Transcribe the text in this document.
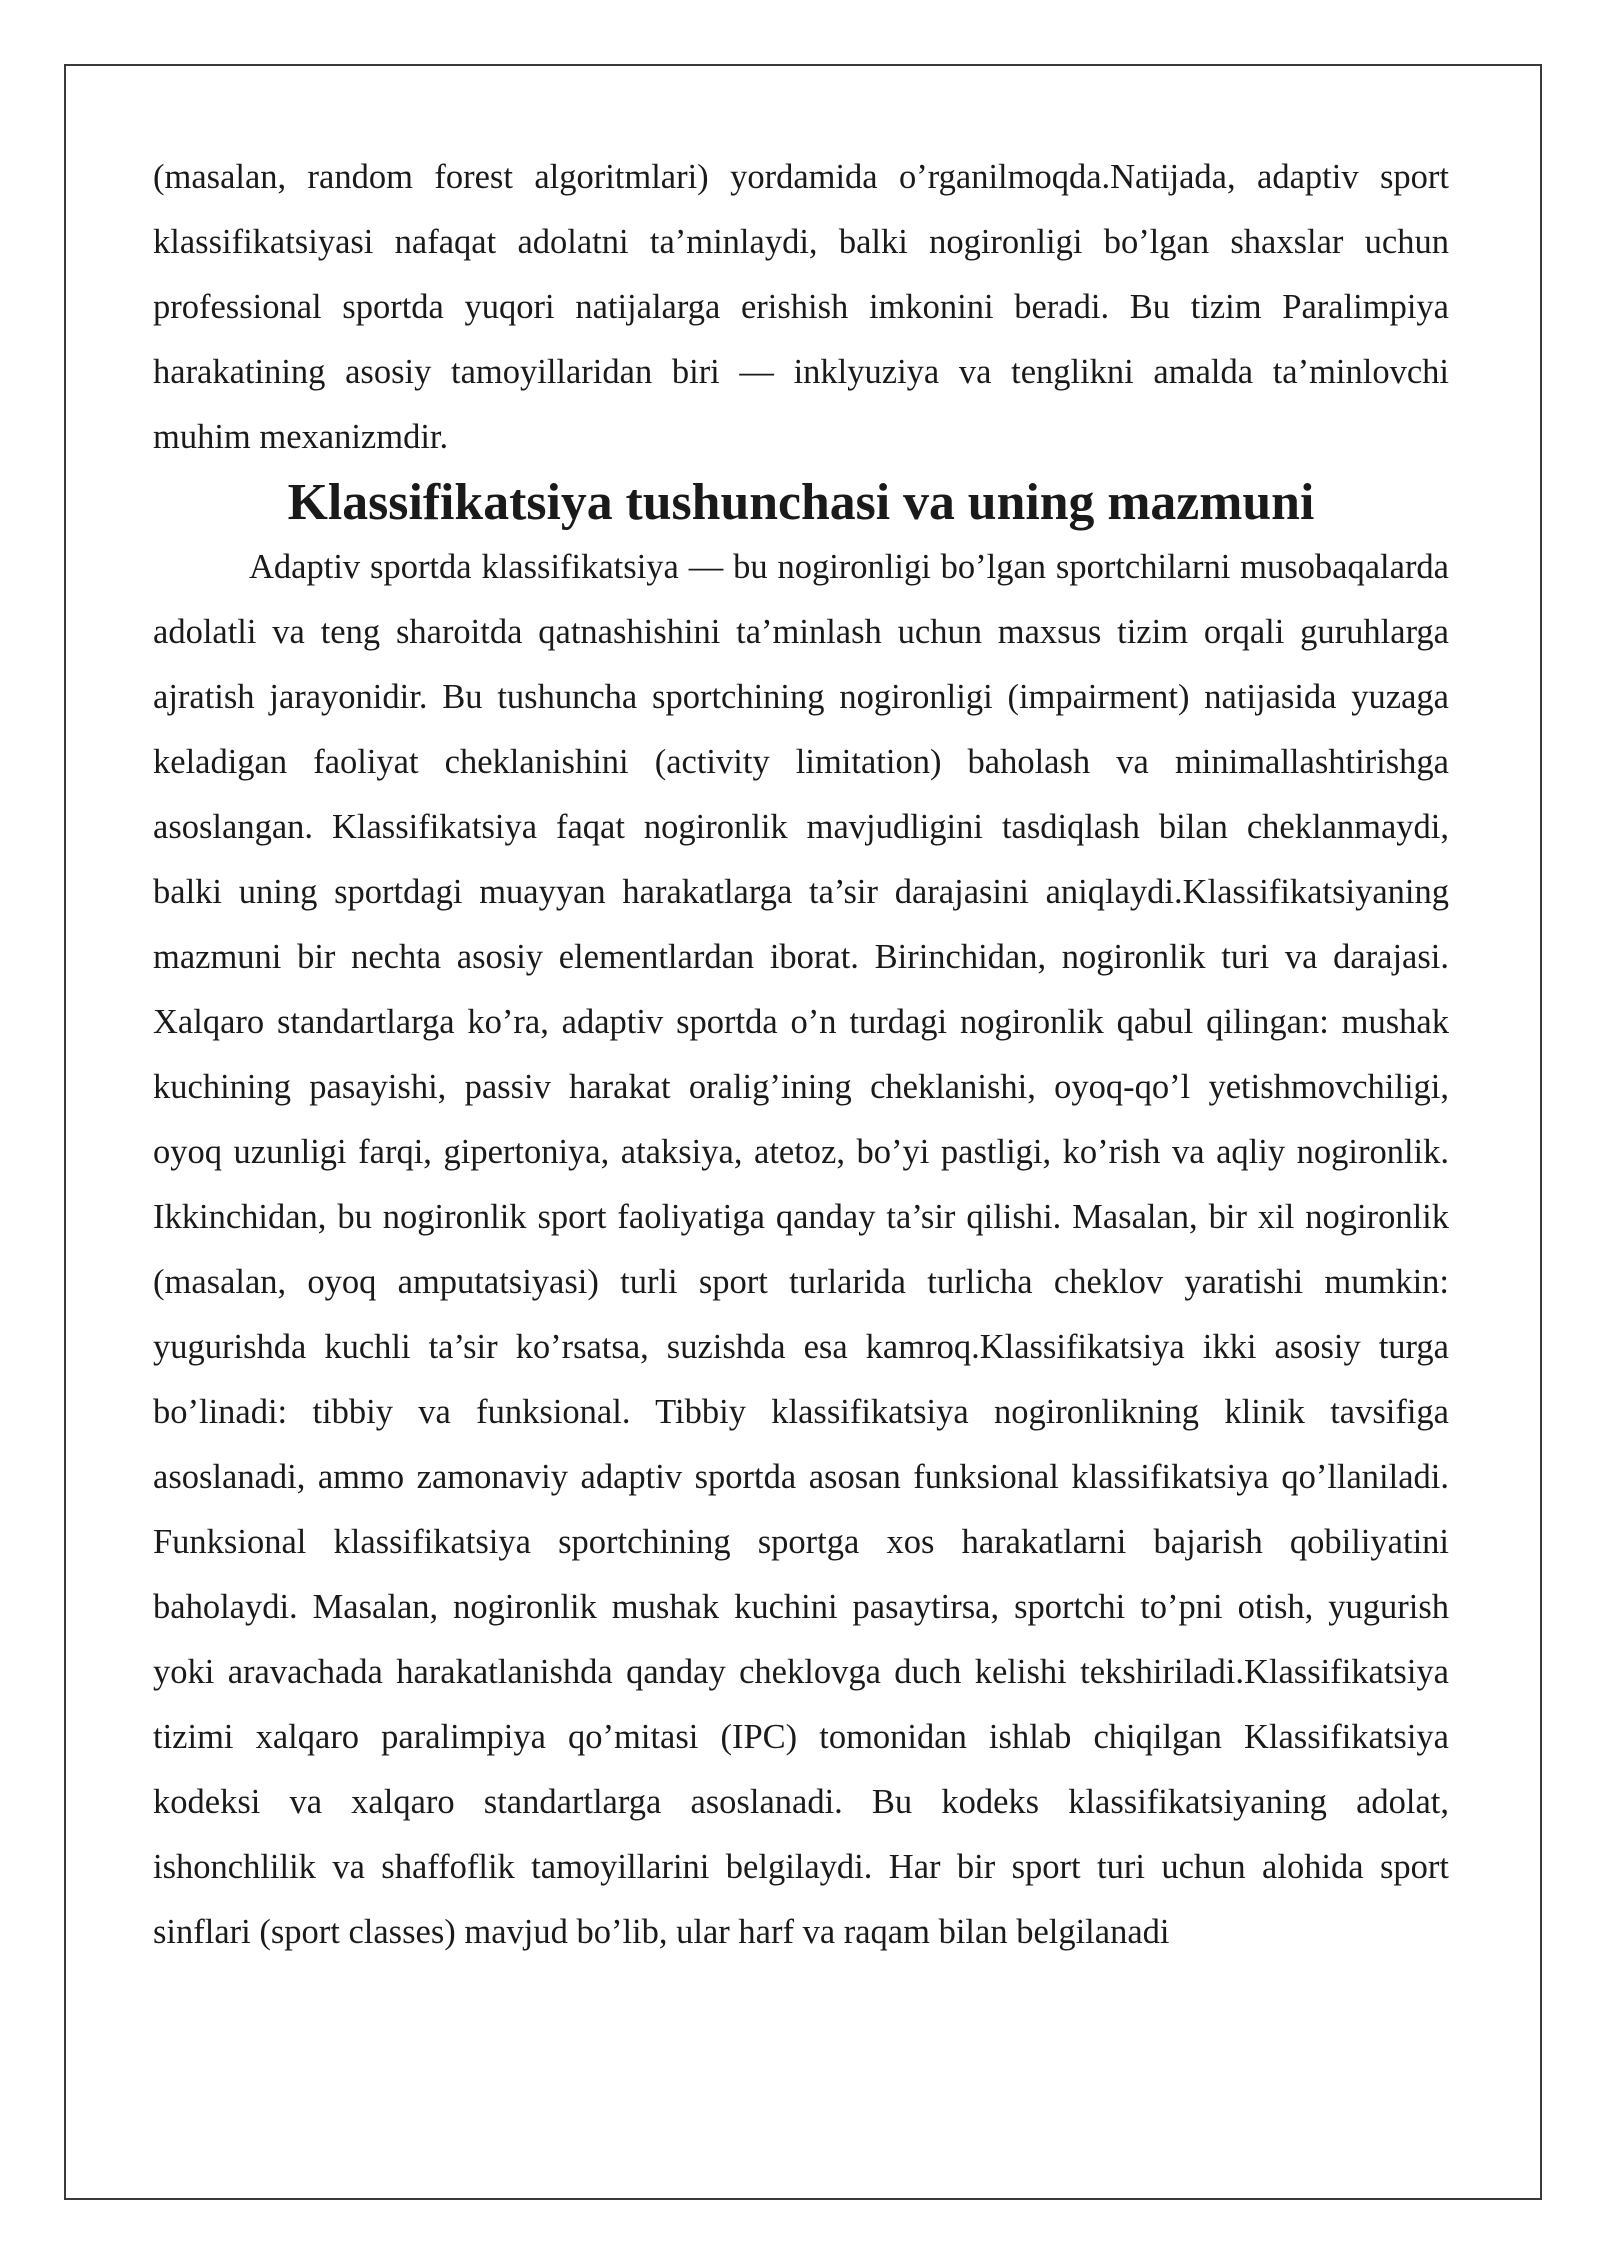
(masalan, random forest algoritmlari) yordamida o’rganilmoqda.Natijada, adaptiv sport klassifikatsiyasi nafaqat adolatni ta’minlaydi, balki nogironligi bo’lgan shaxslar uchun professional sportda yuqori natijalarga erishish imkonini beradi. Bu tizim Paralimpiya harakatining asosiy tamoyillaridan biri — inklyuziya va tenglikni amalda ta’minlovchi muhim mexanizmdir.

Klassifikatsiya tushunchasi va uning mazmuni

Adaptiv sportda klassifikatsiya — bu nogironligi bo’lgan sportchilarni musobaqalarda adolatli va teng sharoitda qatnashishini ta’minlash uchun maxsus tizim orqali guruhlarga ajratish jarayonidir. Bu tushuncha sportchining nogironligi (impairment) natijasida yuzaga keladigan faoliyat cheklanishini (activity limitation) baholash va minimallashtirishga asoslangan. Klassifikatsiya faqat nogironlik mavjudligini tasdiqlash bilan cheklanmaydi, balki uning sportdagi muayyan harakatlarga ta’sir darajasini aniqlaydi.Klassifikatsiyaning mazmuni bir nechta asosiy elementlardan iborat. Birinchidan, nogironlik turi va darajasi. Xalqaro standartlarga ko’ra, adaptiv sportda o’n turdagi nogironlik qabul qilingan: mushak kuchining pasayishi, passiv harakat oralig’ining cheklanishi, oyoq-qo’l yetishmovchiligi, oyoq uzunligi farqi, gipertoniya, ataksiya, atetoz, bo’yi pastligi, ko’rish va aqliy nogironlik. Ikkinchidan, bu nogironlik sport faoliyatiga qanday ta’sir qilishi. Masalan, bir xil nogironlik (masalan, oyoq amputatsiyasi) turli sport turlarida turlicha cheklov yaratishi mumkin: yugurishda kuchli ta’sir ko’rsatsa, suzishda esa kamroq.Klassifikatsiya ikki asosiy turga bo’linadi: tibbiy va funksional. Tibbiy klassifikatsiya nogironlikning klinik tavsifiga asoslanadi, ammo zamonaviy adaptiv sportda asosan funksional klassifikatsiya qo’llaniladi. Funksional klassifikatsiya sportchining sportga xos harakatlarni bajarish qobiliyatini baholaydi. Masalan, nogironlik mushak kuchini pasaytirsa, sportchi to’pni otish, yugurish yoki aravachada harakatlanishda qanday cheklovga duch kelishi tekshiriladi.Klassifikatsiya tizimi xalqaro paralimpiya qo’mitasi (IPC) tomonidan ishlab chiqilgan Klassifikatsiya kodeksi va xalqaro standartlarga asoslanadi. Bu kodeks klassifikatsiyaning adolat, ishonchlilik va shaffoflik tamoyillarini belgilaydi. Har bir sport turi uchun alohida sport sinflari (sport classes) mavjud bo’lib, ular harf va raqam bilan belgilanadi
